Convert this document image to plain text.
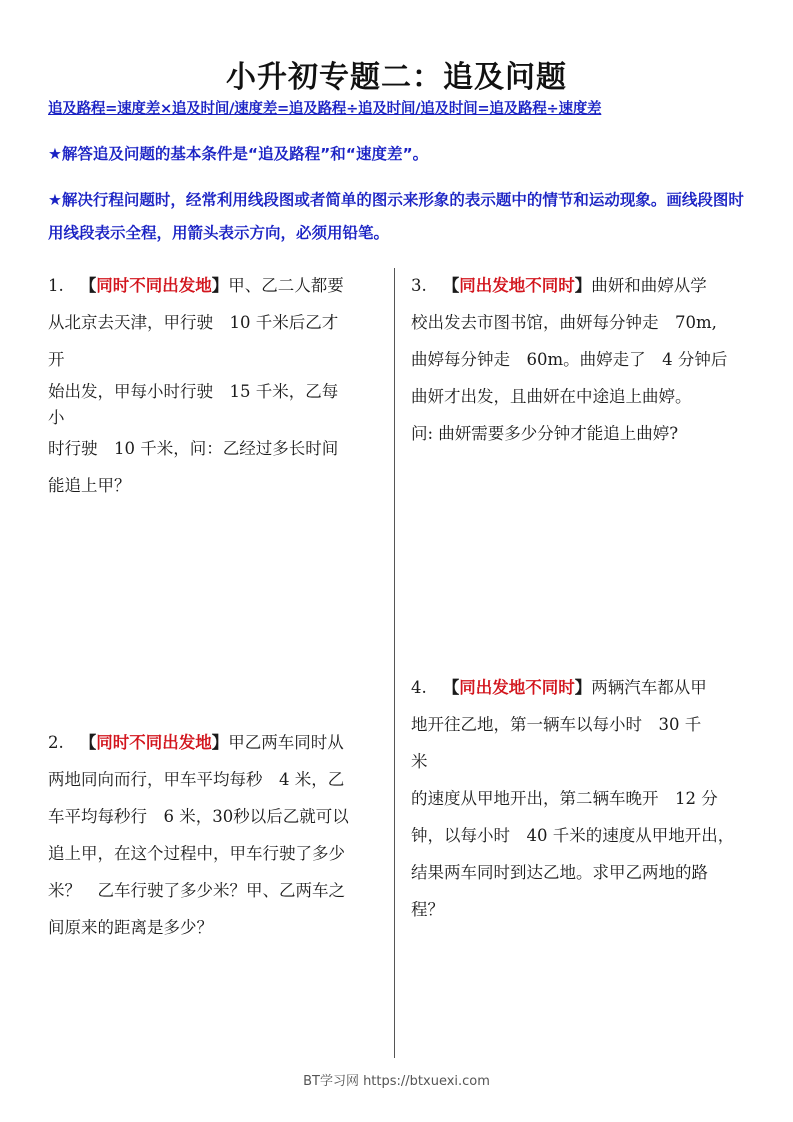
小升初专题二：追及问题
追及路程=速度差×追及时间/速度差=追及路程÷追及时间/追及时间=追及路程÷速度差
★解答追及问题的基本条件是“追及路程”和“速度差”。
★解决行程问题时，经常利用线段图或者简单的图示来形象的表示题中的情节和运动现象。画线段图时用线段表示全程，用箭头表示方向，必须用铅笔。
1. 【同时不同出发地】甲、乙二人都要
从北京去天津，甲行驶　10 千米后乙才
开
始出发，甲每小时行驶　15 千米，乙每
小
时行驶　10 千米，问：乙经过多长时间
能追上甲？
2. 【同时不同出发地】甲乙两车同时从
两地同向而行，甲车平均每秒　4 米，乙
车平均每秒行　6 米，30秒以后乙就可以
追上甲，在这个过程中，甲车行驶了多少
米？　乙车行驶了多少米？甲、乙两车之
间原来的距离是多少？
3. 【同出发地不同时】曲妍和曲婷从学
校出发去市图书馆，曲妍每分钟走　70m,
曲婷每分钟走　60m。曲婷走了　4 分钟后
曲妍才出发，且曲妍在中途追上曲婷。
问: 曲妍需要多少分钟才能追上曲婷?
4. 【同出发地不同时】两辆汽车都从甲
地开往乙地，第一辆车以每小时　30 千
米
的速度从甲地开出，第二辆车晚开　12 分
钟，以每小时　40 千米的速度从甲地开出，
结果两车同时到达乙地。求甲乙两地的路
程？
BT学习网 https://btxuexi.com
